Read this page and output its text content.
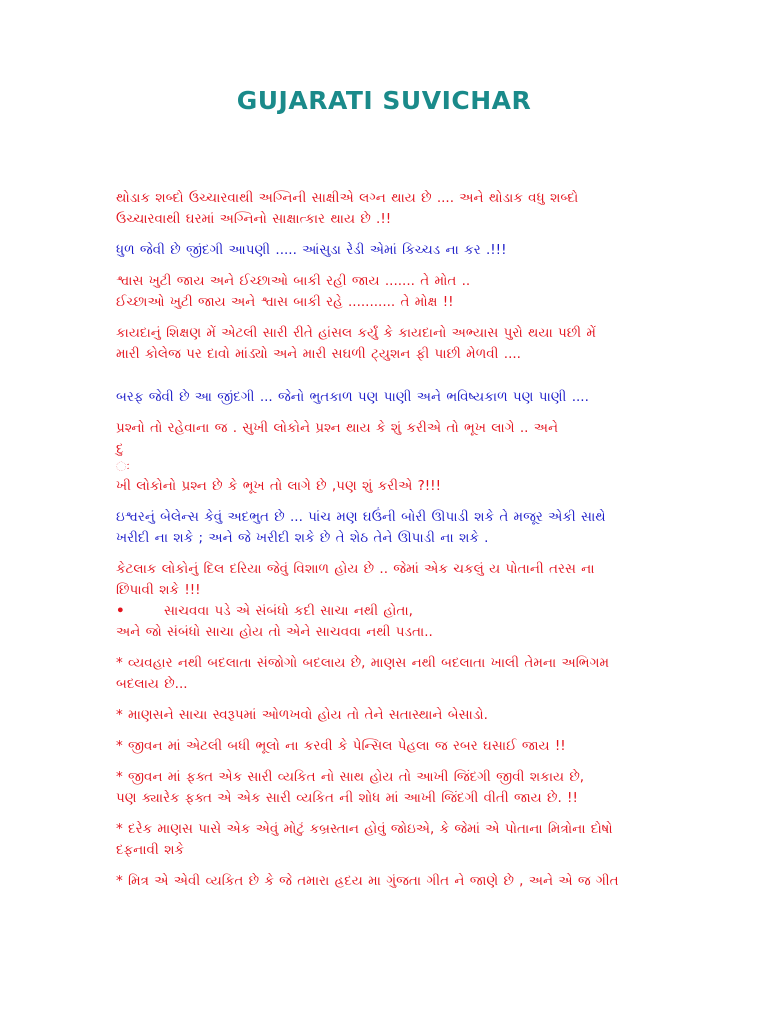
GUJARATI SUVICHAR

થોડાક શબ્દો ઉચ્ચારવાથી અગ્નિની સાક્ષીએ લગ્ન થાય છે .... અને થોડાક વધુ શબ્દો
ઉચ્ચારવાથી ઘરમાં અગ્નિનો સાક્ષાત્કાર થાય છે .!!

ધુળ જેવી છે જીંદગી આપણી ..... આંસુડા રેડી એમાં કિચ્ચડ ના કર .!!!

શ્વાસ ખુટી જાય અને ઈચ્છાઓ બાકી રહી જાય ....... તે મોત ..
ઈચ્છાઓ ખુટી જાય અને શ્વાસ બાકી રહે ........... તે મોક્ષ !!

કાયદાનું શિક્ષણ મેં એટલી સારી રીતે હાંસલ કર્યું કે કાયદાનો અભ્યાસ પુરો થયા પછી મેં
મારી કોલેજ પર દાવો માંડ્યો અને મારી સઘળી ટ્યુશન ફી પાછી મેળવી ....

બરફ જેવી છે આ જીંદગી ... જેનો ભુતકાળ પણ પાણી અને ભવિષ્યકાળ પણ પાણી ....

પ્રશ્નો તો રહેવાના જ . સુખી લોકોને પ્રશ્ન થાય કે શું કરીએ તો ભૂખ લાગે .. અને
દુ
ઃ
ખી લોકોનો પ્રશ્ન છે કે ભૂખ તો લાગે છે ,પણ શું કરીએ ?!!!

ઇશ્વરનું બેલેન્સ કેવું અદભુત છે ... પાંચ મણ ઘઉંની બોરી ઊપાડી શકે તે મજૂર એકી સાથે
ખરીદી ના શકે ; અને જે ખરીદી શકે છે તે શેઠ તેને ઊપાડી ના શકે .

કેટલાક લોકોનું દિલ દરિયા જેવું વિશાળ હોય છે .. જેમાં એક ચકલું ય પોતાની તરસ ના
છિપાવી શકે !!!
•	સાચવવા પડે એ સંબંધો કદી સાચા નથી હોતા,
અને જો સંબંધો સાચા હોય તો એને સાચવવા નથી પડતા..

* વ્યવહાર નથી બદલાતા સંજોગો બદલાય છે, માણસ નથી બદલાતા ખાલી તેમના અભિગમ
બદલાય છે...

* માણસને સાચા સ્વરૂપમાં ઓળખવો હોય તો તેને સતાસ્થાને બેસાડો.

* જીવન માં એટલી બધી ભૂલો ના કરવી કે પેન્સિલ પેહલા જ રબર ઘસાઈ જાય !!

* જીવન માં ફક્ત એક સારી વ્યકિત નો સાથ હોય તો આખી જિંદગી જીવી શકાય છે,
પણ ક્યારેક ફક્ત એ એક સારી વ્યકિત ની શોધ માં આખી જિંદગી વીતી જાય છે. !!

* દરેક માણસ પાસે એક એવું મોટું કબ્રસ્તાન હોવું જોઇએ, કે જેમાં એ પોતાના મિત્રોના દોષો
દફનાવી શકે

* મિત્ર એ એવી વ્યકિત છે કે જે તમારા હ્રદય મા ગુંજતા ગીત ને જાણે છે , અને એ જ ગીત
